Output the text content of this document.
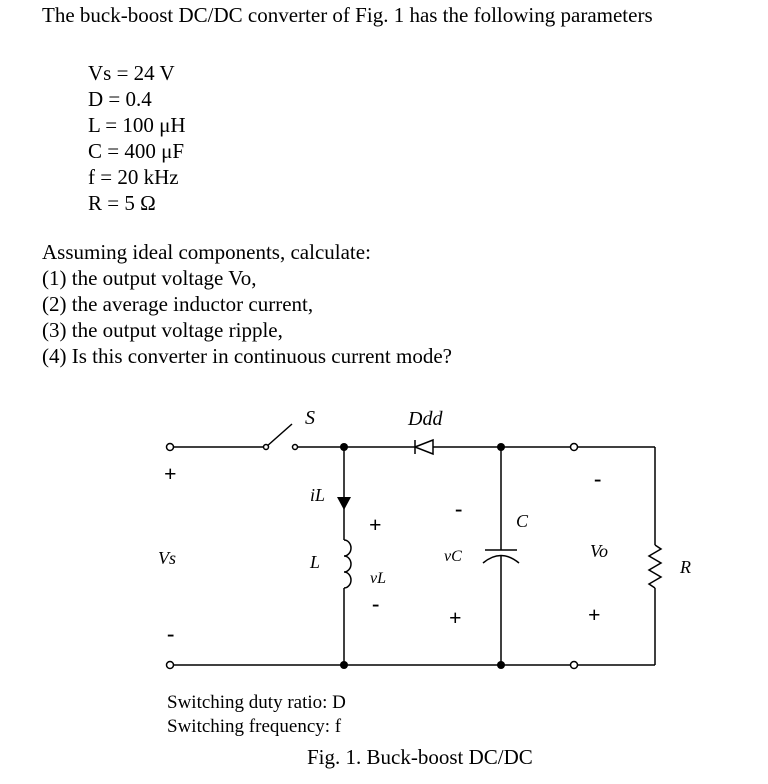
The buck-boost DC/DC converter of Fig. 1 has the following parameters
Vs = 24 V
D = 0.4
L = 100 μH
C = 400 μF
f = 20 kHz
R = 5 Ω
Assuming ideal components, calculate:
(1) the output voltage Vo,
(2) the average inductor current,
(3) the output voltage ripple,
(4) Is this converter in continuous current mode?
S	Ddd
C
iL
L
vL
vC	Vo
R
Vs
+
-
+
-
-
+
-
+
Switching duty ratio: D
Switching frequency: f
Fig. 1. Buck-boost DC/DC
